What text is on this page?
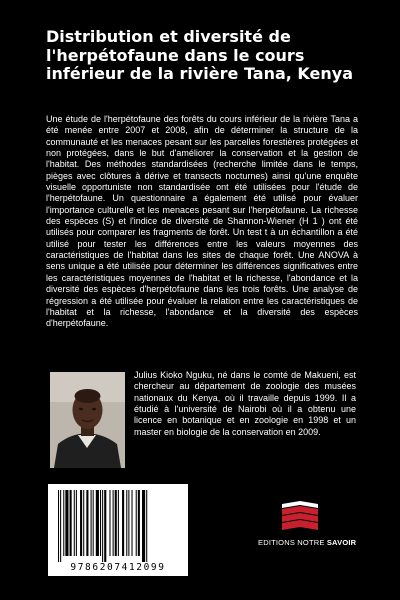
Distribution et diversité de l'herpétofaune dans le cours inférieur de la rivière Tana, Kenya

Une étude de l'herpétofaune des forêts du cours inférieur de la rivière Tana a été menée entre 2007 et 2008, afin de déterminer la structure de la communauté et les menaces pesant sur les parcelles forestières protégées et non protégées, dans le but d'améliorer la conservation et la gestion de l'habitat. Des méthodes standardisées (recherche limitée dans le temps, pièges avec clôtures à dérive et transects nocturnes) ainsi qu'une enquête visuelle opportuniste non standardisée ont été utilisées pour l'étude de l'herpétofaune. Un questionnaire a également été utilisé pour évaluer l'importance culturelle et les menaces pesant sur l'herpétofaune. La richesse des espèces (S) et l'indice de diversité de Shannon-Wiener (H 1 ) ont été utilisés pour comparer les fragments de forêt. Un test t à un échantillon a été utilisé pour tester les différences entre les valeurs moyennes des caractéristiques de l'habitat dans les sites de chaque forêt. Une ANOVA à sens unique a été utilisée pour déterminer les différences significatives entre les caractéristiques moyennes de l'habitat et la richesse, l'abondance et la diversité des espèces d'herpétofaune dans les trois forêts. Une analyse de régression a été utilisée pour évaluer la relation entre les caractéristiques de l'habitat et la richesse, l'abondance et la diversité des espèces d'herpétofaune.

Julius Kioko Nguku, né dans le comté de Makueni, est chercheur au département de zoologie des musées nationaux du Kenya, où il travaille depuis 1999. Il a étudié à l'université de Nairobi où il a obtenu une licence en botanique et en zoologie en 1998 et un master en biologie de la conservation en 2009.

9786207412099
EDITIONS NOTRE SAVOIR
